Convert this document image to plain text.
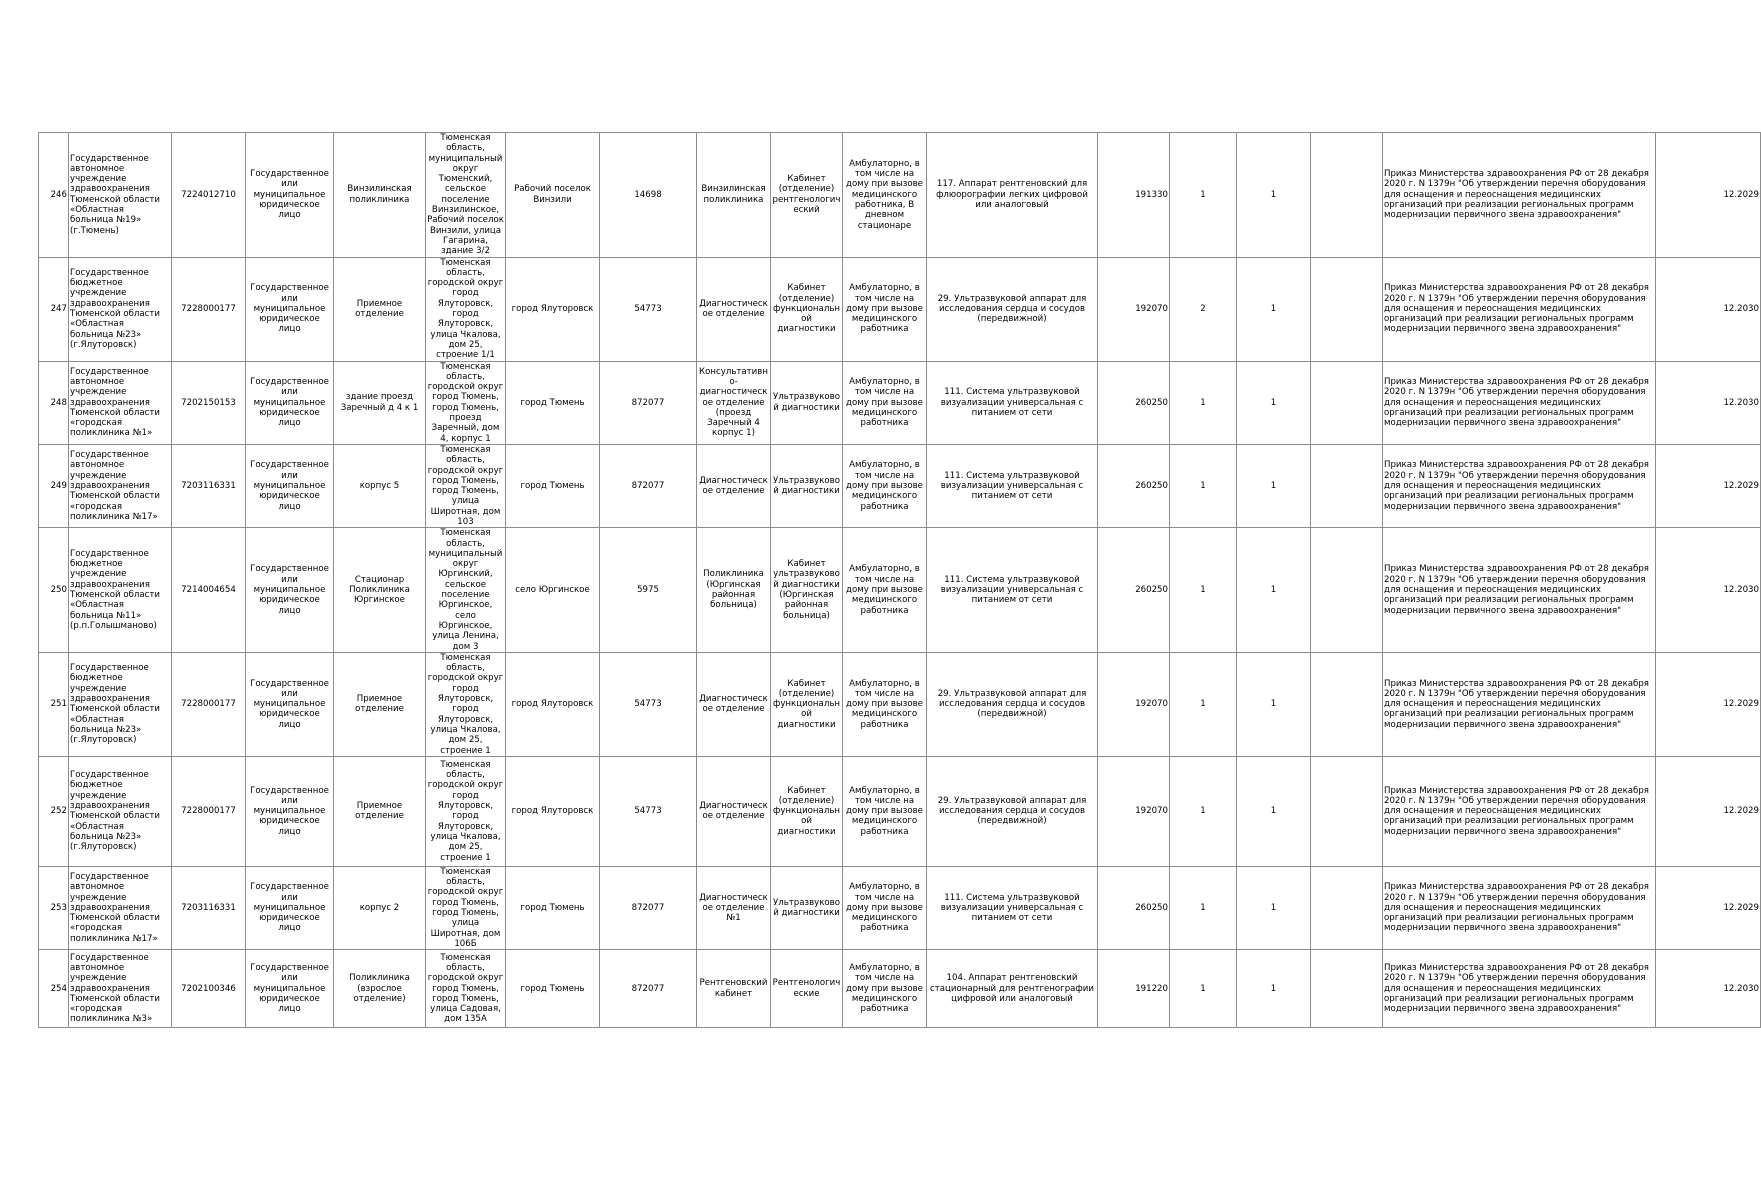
246	Государственное автономное учреждение здравоохранения Тюменской области «Областная больница №19» (г.Тюмень)	7224012710	Государственное или муниципальное юридическое лицо	Винзилинская поликлиника	Тюменская область, муниципальный округ Тюменский, сельское поселение Винзилинское, Рабочий поселок Винзили, улица Гагарина, здание 3/2	Рабочий поселок Винзили	14698	Винзилинская поликлиника	Кабинет (отделение) рентгенологич еский	Амбулаторно, в том числе на дому при вызове медицинского работника, В дневном стационаре	117. Аппарат рентгеновский для флюорографии легких цифровой или аналоговый	191330	1	1		Приказ Министерства здравоохранения РФ от 28 декабря 2020 г. N 1379н "Об утверждении перечня оборудования для оснащения и переоснащения медицинских организаций при реализации региональных программ модернизации первичного звена здравоохранения"	12.2029
247	Государственное бюджетное учреждение здравоохранения Тюменской области «Областная больница №23» (г.Ялуторовск)	7228000177	Государственное или муниципальное юридическое лицо	Приемное отделение	Тюменская область, городской округ город Ялуторовск, город Ялуторовск, улица Чкалова, дом 25, строение 1/1	город Ялуторовск	54773	Диагностическ ое отделение	Кабинет (отделение) функциональн ой диагностики	Амбулаторно, в том числе на дому при вызове медицинского работника	29. Ультразвуковой аппарат для исследования сердца и сосудов (передвижной)	192070	2	1		Приказ Министерства здравоохранения РФ от 28 декабря 2020 г. N 1379н "Об утверждении перечня оборудования для оснащения и переоснащения медицинских организаций при реализации региональных программ модернизации первичного звена здравоохранения"	12.2030
248	Государственное автономное учреждение здравоохранения Тюменской области «городская поликлиника №1»	7202150153	Государственное или муниципальное юридическое лицо	здание проезд Заречный д 4 к 1	Тюменская область, городской округ город Тюмень, город Тюмень, проезд Заречный, дом 4, корпус 1	город Тюмень	872077	Консультативн о-диагностическ ое отделение (проезд Заречный 4 корпус 1)	Ультразвуково й диагностики	Амбулаторно, в том числе на дому при вызове медицинского работника	111. Система ультразвуковой визуализации универсальная с питанием от сети	260250	1	1		Приказ Министерства здравоохранения РФ от 28 декабря 2020 г. N 1379н "Об утверждении перечня оборудования для оснащения и переоснащения медицинских организаций при реализации региональных программ модернизации первичного звена здравоохранения"	12.2030
249	Государственное автономное учреждение здравоохранения Тюменской области «городская поликлиника №17»	7203116331	Государственное или муниципальное юридическое лицо	корпус 5	Тюменская область, городской округ город Тюмень, город Тюмень, улица Широтная, дом 103	город Тюмень	872077	Диагностическ ое отделение	Ультразвуково й диагностики	Амбулаторно, в том числе на дому при вызове медицинского работника	111. Система ультразвуковой визуализации универсальная с питанием от сети	260250	1	1		Приказ Министерства здравоохранения РФ от 28 декабря 2020 г. N 1379н "Об утверждении перечня оборудования для оснащения и переоснащения медицинских организаций при реализации региональных программ модернизации первичного звена здравоохранения"	12.2029
250	Государственное бюджетное учреждение здравоохранения Тюменской области «Областная больница №11» (р.п.Голышманово)	7214004654	Государственное или муниципальное юридическое лицо	Стационар Поликлиника Юргинское	Тюменская область, муниципальный округ Юргинский, сельское поселение Юргинское, село Юргинское, улица Ленина, дом 3	село Юргинское	5975	Поликлиника (Юргинская районная больница)	Кабинет ультразвуково й диагностики (Юргинская районная больница)	Амбулаторно, в том числе на дому при вызове медицинского работника	111. Система ультразвуковой визуализации универсальная с питанием от сети	260250	1	1		Приказ Министерства здравоохранения РФ от 28 декабря 2020 г. N 1379н "Об утверждении перечня оборудования для оснащения и переоснащения медицинских организаций при реализации региональных программ модернизации первичного звена здравоохранения"	12.2030
251	Государственное бюджетное учреждение здравоохранения Тюменской области «Областная больница №23» (г.Ялуторовск)	7228000177	Государственное или муниципальное юридическое лицо	Приемное отделение	Тюменская область, городской округ город Ялуторовск, город Ялуторовск, улица Чкалова, дом 25, строение 1	город Ялуторовск	54773	Диагностическ ое отделение	Кабинет (отделение) функциональн ой диагностики	Амбулаторно, в том числе на дому при вызове медицинского работника	29. Ультразвуковой аппарат для исследования сердца и сосудов (передвижной)	192070	1	1		Приказ Министерства здравоохранения РФ от 28 декабря 2020 г. N 1379н "Об утверждении перечня оборудования для оснащения и переоснащения медицинских организаций при реализации региональных программ модернизации первичного звена здравоохранения"	12.2029
252	Государственное бюджетное учреждение здравоохранения Тюменской области «Областная больница №23» (г.Ялуторовск)	7228000177	Государственное или муниципальное юридическое лицо	Приемное отделение	Тюменская область, городской округ город Ялуторовск, город Ялуторовск, улица Чкалова, дом 25, строение 1	город Ялуторовск	54773	Диагностическ ое отделение	Кабинет (отделение) функциональн ой диагностики	Амбулаторно, в том числе на дому при вызове медицинского работника	29. Ультразвуковой аппарат для исследования сердца и сосудов (передвижной)	192070	1	1		Приказ Министерства здравоохранения РФ от 28 декабря 2020 г. N 1379н "Об утверждении перечня оборудования для оснащения и переоснащения медицинских организаций при реализации региональных программ модернизации первичного звена здравоохранения"	12.2029
253	Государственное автономное учреждение здравоохранения Тюменской области «городская поликлиника №17»	7203116331	Государственное или муниципальное юридическое лицо	корпус 2	Тюменская область, городской округ город Тюмень, город Тюмень, улица Широтная, дом 106Б	город Тюмень	872077	Диагностическ ое отделение №1	Ультразвуково й диагностики	Амбулаторно, в том числе на дому при вызове медицинского работника	111. Система ультразвуковой визуализации универсальная с питанием от сети	260250	1	1		Приказ Министерства здравоохранения РФ от 28 декабря 2020 г. N 1379н "Об утверждении перечня оборудования для оснащения и переоснащения медицинских организаций при реализации региональных программ модернизации первичного звена здравоохранения"	12.2029
254	Государственное автономное учреждение здравоохранения Тюменской области «городская поликлиника №3»	7202100346	Государственное или муниципальное юридическое лицо	Поликлиника (взрослое отделение)	Тюменская область, городской округ город Тюмень, город Тюмень, улица Садовая, дом 135А	город Тюмень	872077	Рентгеновский кабинет	Рентгенологич еские	Амбулаторно, в том числе на дому при вызове медицинского работника	104. Аппарат рентгеновский стационарный для рентгенографии цифровой или аналоговый	191220	1	1		Приказ Министерства здравоохранения РФ от 28 декабря 2020 г. N 1379н "Об утверждении перечня оборудования для оснащения и переоснащения медицинских организаций при реализации региональных программ модернизации первичного звена здравоохранения"	12.2030
